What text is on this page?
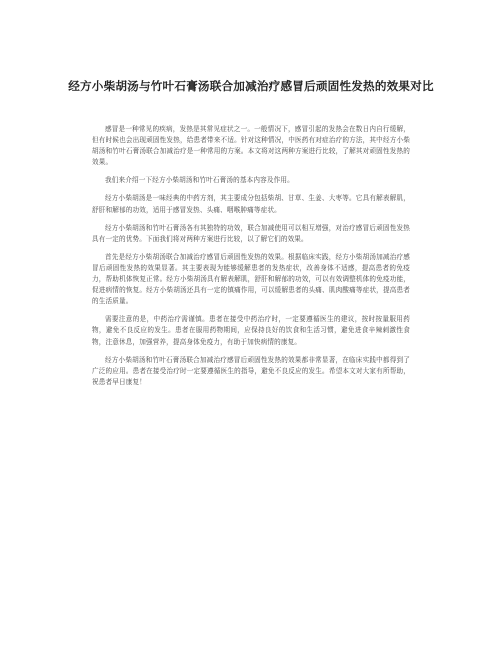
经方小柴胡汤与竹叶石膏汤联合加减治疗感冒后顽固性发热的效果对比

感冒是一种常见的疾病，发热是其常见症状之一。一般情况下，感冒引起的发热会在数日内自行缓解，但有时候也会出现顽固性发热，给患者带来不适。针对这种情况，中医药有对症治疗的方法，其中经方小柴胡汤和竹叶石膏汤联合加减治疗是一种常用的方案。本文将对这两种方案进行比较，了解其对顽固性发热的效果。

我们来介绍一下经方小柴胡汤和竹叶石膏汤的基本内容及作用。

经方小柴胡汤是一味经典的中药方剂，其主要成分包括柴胡、甘草、生姜、大枣等。它具有解表解肌，舒肝和解郁的功效，适用于感冒发热、头痛、咽喉肿痛等症状。

经方小柴胡汤和竹叶石膏汤各有其独特的功效，联合加减使用可以相互增强，对治疗感冒后顽固性发热具有一定的优势。下面我们将对两种方案进行比较，以了解它们的效果。

首先是经方小柴胡汤联合加减治疗感冒后顽固性发热的效果。根据临床实践，经方小柴胡汤加减治疗感冒后顽固性发热的效果显著。其主要表现为能够缓解患者的发热症状，改善身体不适感，提高患者的免疫力，帮助机体恢复正常。经方小柴胡汤具有解表解肌，舒肝和解郁的功效，可以有效调整机体的免疫功能，促进病情的恢复。经方小柴胡汤还具有一定的镇痛作用，可以缓解患者的头痛、肌肉酸痛等症状，提高患者的生活质量。

需要注意的是，中药治疗需谨慎。患者在接受中药治疗时，一定要遵循医生的建议，按时按量服用药物，避免不良反应的发生。患者在服用药物期间，应保持良好的饮食和生活习惯，避免进食辛辣刺激性食物，注意休息，加强营养，提高身体免疫力，有助于加快病情的康复。

经方小柴胡汤和竹叶石膏汤联合加减治疗感冒后顽固性发热的效果都非常显著，在临床实践中都得到了广泛的应用。患者在接受治疗时一定要遵循医生的指导，避免不良反应的发生。希望本文对大家有所帮助，祝患者早日康复！
